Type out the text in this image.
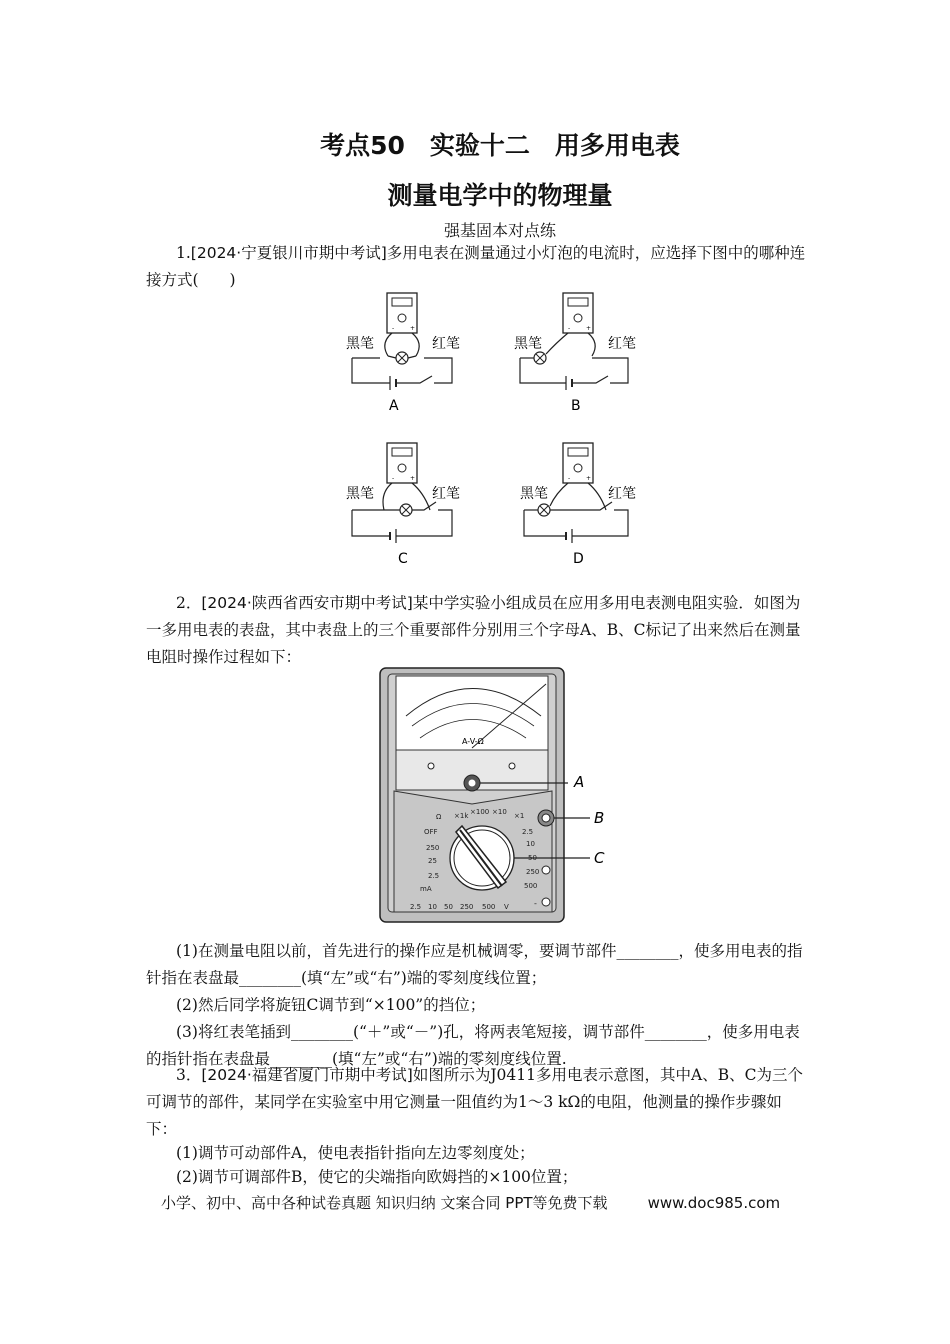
考点50　实验十二　用多用电表
测量电学中的物理量
强基固本对点练
1.[2024·宁夏银川市期中考试]多用电表在测量通过小灯泡的电流时，应选择下图中的哪种连接方式(　　)
-	+
黑笔	红笔
A
-	+
黑笔	红笔
B
-	+
黑笔	红笔
C
-	+
黑笔	红笔
D
2．[2024·陕西省西安市期中考试]某中学实验小组成员在应用多用电表测电阻实验．如图为一多用电表的表盘，其中表盘上的三个重要部件分别用三个字母A、B、C标记了出来然后在测量电阻时操作过程如下：
A-V-Ω
Ω ×1k ×100 ×10 ×1
OFF
250
25
2.5
mA
2.5
10
50
250
500
2.5 10 50 250 500 V	-
A
B
C
(1)在测量电阻以前，首先进行的操作应是机械调零，要调节部件________，使多用电表的指针指在表盘最________(填“左”或“右”)端的零刻度线位置；
(2)然后同学将旋钮C调节到“×100”的挡位；
(3)将红表笔插到________(“＋”或“－”)孔，将两表笔短接，调节部件________，使多用电表的指针指在表盘最________(填“左”或“右”)端的零刻度线位置.
3．[2024·福建省厦门市期中考试]如图所示为J0411多用电表示意图，其中A、B、C为三个可调节的部件，某同学在实验室中用它测量一阻值约为1～3 kΩ的电阻，他测量的操作步骤如下：
(1)调节可动部件A，使电表指针指向左边零刻度处；
(2)调节可调部件B，使它的尖端指向欧姆挡的×100位置；
小学、初中、高中各种试卷真题 知识归纳 文案合同 PPT等免费下载	www.doc985.com
